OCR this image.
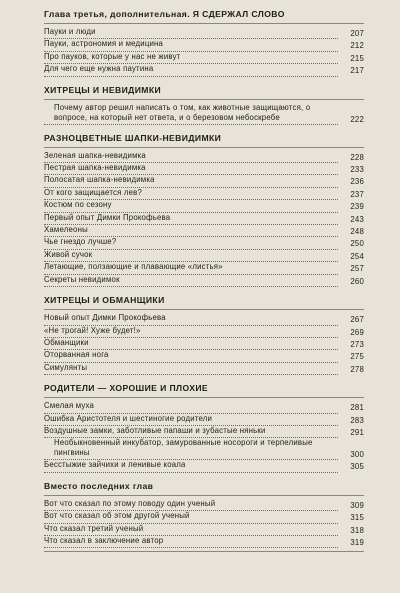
Глава третья, дополнительная. Я СДЕРЖАЛ СЛОВО
Пауки и люди	207
Пауки, астрономия и медицина	212
Про пауков, которые у нас не живут	215
Для чего еще нужна паутина	217
ХИТРЕЦЫ И НЕВИДИМКИ
Почему автор решил написать о том, как животные защищаются, о вопросе, на который нет ответа, и о березовом небоскребе	222
РАЗНОЦВЕТНЫЕ ШАПКИ-НЕВИДИМКИ
Зеленая шапка-невидимка	228
Пестрая шапка-невидимка	233
Полосатая шапка-невидимка	236
От кого защищается лев?	237
Костюм по сезону	239
Первый опыт Димки Прокофьева	243
Хамелеоны	248
Чье гнездо лучше?	250
Живой сучок	254
Летающие, ползающие и плавающие «листья»	257
Секреты невидимок	260
ХИТРЕЦЫ И ОБМАНЩИКИ
Новый опыт Димки Прокофьева	267
«Не трогай! Хуже будет!»	269
Обманщики	273
Оторванная нога	275
Симулянты	278
РОДИТЕЛИ — ХОРОШИЕ И ПЛОХИЕ
Смелая муха	281
Ошибка Аристотеля и шестиногие родители	283
Воздушные замки, заботливые папаши и зубастые няньки	291
Необыкновенный инкубатор, замурованные носороги и терпеливые пингвины	300
Бесстыжие зайчихи и ленивые коала	305
Вместо последних глав
Вот что сказал по этому поводу один ученый	309
Вот что сказал об этом другой ученый	315
Что сказал третий ученый	318
Что сказал в заключение автор	319
